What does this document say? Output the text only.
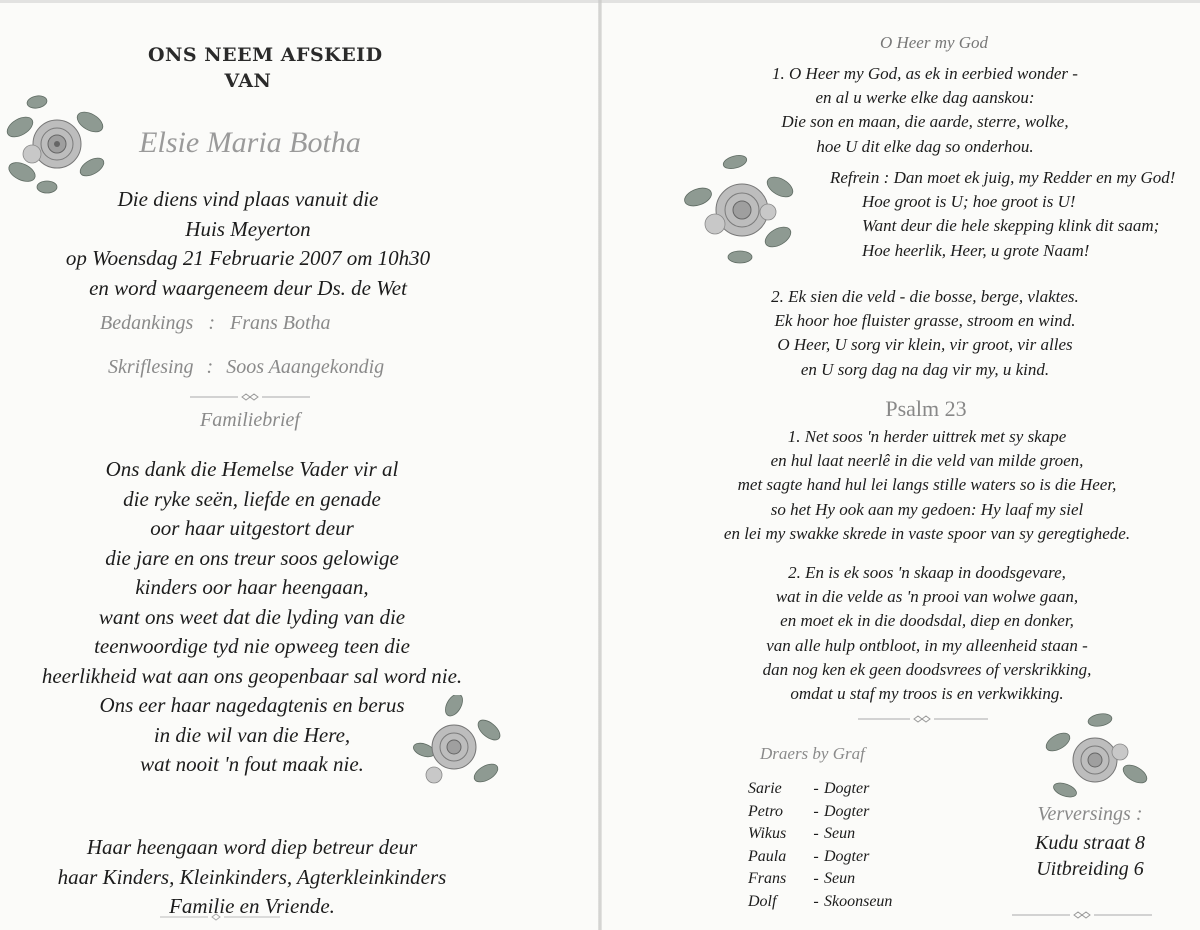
ONS NEEM AFSKEID
VAN
Elsie Maria Botha
Die diens vind plaas vanuit die
Huis Meyerton
op Woensdag 21 Februarie 2007 om 10h30
en word waargeneem deur Ds. de Wet
Bedankings : Frans Botha
Skriflesing : Soos Aaangekondig
Familiebrief
Ons dank die Hemelse Vader vir al
die ryke seën, liefde en genade
oor haar uitgestort deur
die jare en ons treur soos gelowige
kinders oor haar heengaan,
want ons weet dat die lyding van die
teenwoordige tyd nie opweeg teen die
heerlikheid wat aan ons geopenbaar sal word nie.
Ons eer haar nagedagtenis en berus
in die wil van die Here,
wat nooit 'n fout maak nie.
Haar heengaan word diep betreur deur
haar Kinders, Kleinkinders, Agterkleinkinders
Familie en Vriende.
O Heer my God
1. O Heer my God, as ek in eerbied wonder -
en al u werke elke dag aanskou:
Die son en maan, die aarde, sterre, wolke,
hoe U dit elke dag so onderhou.
Refrein : Dan moet ek juig, my Redder en my God!
Hoe groot is U; hoe groot is U!
Want deur die hele skepping klink dit saam;
Hoe heerlik, Heer, u grote Naam!
2. Ek sien die veld - die bosse, berge, vlaktes.
Ek hoor hoe fluister grasse, stroom en wind.
O Heer, U sorg vir klein, vir groot, vir alles
en U sorg dag na dag vir my, u kind.
Psalm 23
1. Net soos 'n herder uittrek met sy skape
en hul laat neerlê in die veld van milde groen,
met sagte hand hul lei langs stille waters so is die Heer,
so het Hy ook aan my gedoen: Hy laaf my siel
en lei my swakke skrede in vaste spoor van sy geregtighede.
2. En is ek soos 'n skaap in doodsgevare,
wat in die velde as 'n prooi van wolwe gaan,
en moet ek in die doodsdal, diep en donker,
van alle hulp ontbloot, in my alleenheid staan -
dan nog ken ek geen doodsvrees of verskrikking,
omdat u staf my troos is en verkwikking.
Draers by Graf
Sarie - Dogter
Petro - Dogter
Wikus - Seun
Paula - Dogter
Frans - Seun
Dolf - Skoonseun
Verversings :
Kudu straat 8
Uitbreiding 6
